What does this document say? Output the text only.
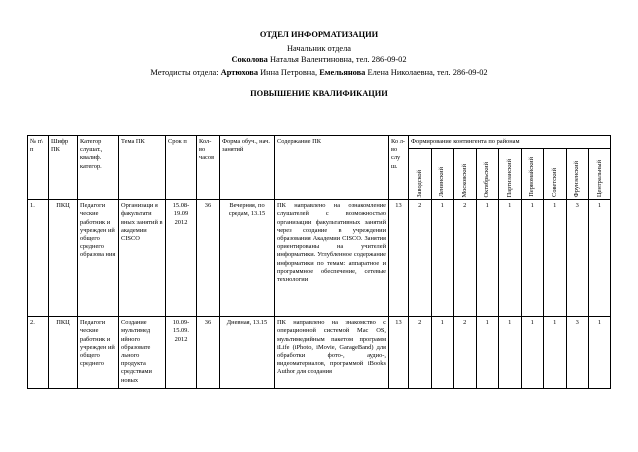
ОТДЕЛ ИНФОРМАТИЗАЦИИ
Начальник отдела
Соколова Наталья Валентиновна, тел. 286-09-02
Методисты отдела: Артюхова Инна Петровна, Емельянова Елена Николаевна, тел. 286-09-02
ПОВЫШЕНИЕ КВАЛИФИКАЦИИ
№ п\ п	Шифр ПК	Категор слушат., квалиф. категор.	Тема ПК	Срок п	Кол-во часов	Форма обуч., нач. занятий	Содержание ПК	Ко л-во слу ш.	Формирование контингента по районам								

									Заводской	Ленинский	Московский	Октябрьский	Партизанский	Первомайский	Советский	Фрунзенский	Центральный

1.	ПКЦ	Педагоги ческие работник и учрежден ий общего среднего образова ния	Организаци я факультати вных занятий в академии CISCO	15.08-19.09 2012	36	Вечерняя, по средам, 13.15	ПК направлено на ознакомление слушателей с возможностью организации факультативных занятий через создание в учреждении образования Академии CISCO. Занятия ориентированы на учителей информатики. Углубленное содержание информатики по темам: аппаратное и программное обеспечение, сетевые технологии	13	2	1	2	1	1	1	1	3	1
2.	ПКЦ	Педагоги ческие работник и учрежден ий общего среднего	Создание мультимед ийного образовате льного продукта средствами новых	10.09-15.09. 2012	36	Дневная, 13.15	ПК направлено на знакомство с операционной системой Mac OS, мультимедийным пакетом программ iLife (iPhoto, iMovie, GarageBand) для обработки фото-, аудио-, видеоматериалов, программой iBooks Author для создания	13	2	1	2	1	1	1	1	3	1
